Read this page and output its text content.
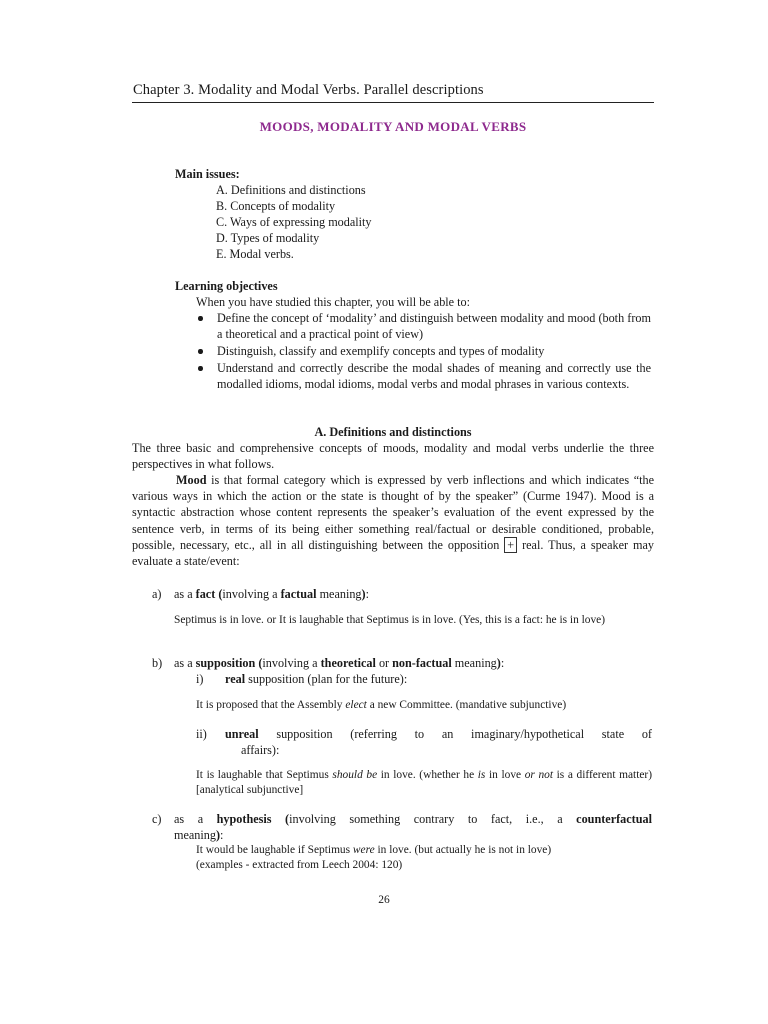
Chapter 3. Modality and Modal Verbs. Parallel descriptions
MOODS, MODALITY AND MODAL VERBS
Main issues:
A. Definitions and distinctions
B. Concepts of modality
C. Ways of expressing modality
D. Types of modality
E. Modal verbs.
Learning objectives
When you have studied this chapter, you will be able to:
Define the concept of ‘modality’ and distinguish between modality and mood (both from a theoretical and a practical point of view)
Distinguish, classify and exemplify concepts and types of modality
Understand and correctly describe the modal shades of meaning and correctly use the modalled idioms, modal idioms, modal verbs and modal phrases in various contexts.
A. Definitions and distinctions
The three basic and comprehensive concepts of moods, modality and modal verbs underlie the three perspectives in what follows.
Mood is that formal category which is expressed by verb inflections and which indicates “the various ways in which the action or the state is thought of by the speaker” (Curme 1947). Mood is a syntactic abstraction whose content represents the speaker’s evaluation of the event expressed by the sentence verb, in terms of its being either something real/factual or desirable conditioned, probable, possible, necessary, etc., all in all distinguishing between the opposition + real. Thus, a speaker may evaluate a state/event:
a) as a fact (involving a factual meaning):
Septimus is in love. or It is laughable that Septimus is in love. (Yes, this is a fact: he is in love)
b) as a supposition (involving a theoretical or non-factual meaning):
i) real supposition (plan for the future):
It is proposed that the Assembly elect a new Committee. (mandative subjunctive)
ii) unreal supposition (referring to an imaginary/hypothetical state of
affairs):
It is laughable that Septimus should be in love. (whether he is in love or not is a different matter) [analytical subjunctive]
c) as a hypothesis (involving something contrary to fact, i.e., a counterfactual
meaning):
It would be laughable if Septimus were in love. (but actually he is not in love)
(examples - extracted from Leech 2004: 120)
26
